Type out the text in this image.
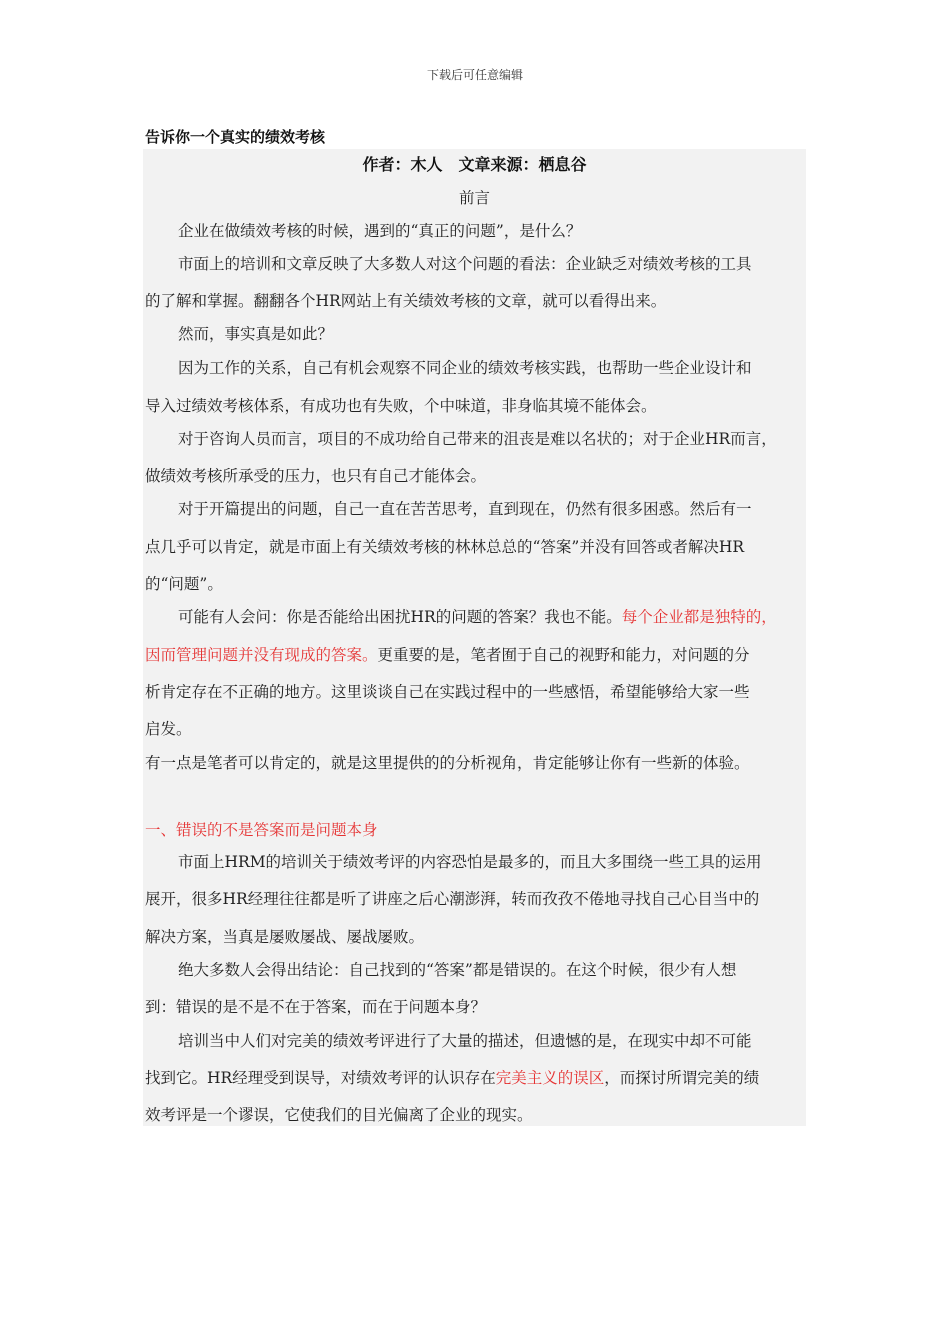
下载后可任意编辑
告诉你一个真实的绩效考核
作者：木人　文章来源：栖息谷
前言
企业在做绩效考核的时候，遇到的“真正的问题”，是什么？
市面上的培训和文章反映了大多数人对这个问题的看法：企业缺乏对绩效考核的工具
的了解和掌握。翻翻各个HR网站上有关绩效考核的文章，就可以看得出来。
然而，事实真是如此？
因为工作的关系，自己有机会观察不同企业的绩效考核实践，也帮助一些企业设计和
导入过绩效考核体系，有成功也有失败，个中味道，非身临其境不能体会。
对于咨询人员而言，项目的不成功给自己带来的沮丧是难以名状的；对于企业HR而言，
做绩效考核所承受的压力，也只有自己才能体会。
对于开篇提出的问题，自己一直在苦苦思考，直到现在，仍然有很多困惑。然后有一
点几乎可以肯定，就是市面上有关绩效考核的林林总总的“答案”并没有回答或者解决HR
的“问题”。
可能有人会问：你是否能给出困扰HR的问题的答案？我也不能。每个企业都是独特的，
因而管理问题并没有现成的答案。更重要的是，笔者囿于自己的视野和能力，对问题的分
析肯定存在不正确的地方。这里谈谈自己在实践过程中的一些感悟，希望能够给大家一些
启发。
有一点是笔者可以肯定的，就是这里提供的的分析视角，肯定能够让你有一些新的体验。
一、错误的不是答案而是问题本身
市面上HRM的培训关于绩效考评的内容恐怕是最多的，而且大多围绕一些工具的运用
展开，很多HR经理往往都是听了讲座之后心潮澎湃，转而孜孜不倦地寻找自己心目当中的
解决方案，当真是屡败屡战、屡战屡败。
绝大多数人会得出结论：自己找到的“答案”都是错误的。在这个时候，很少有人想
到：错误的是不是不在于答案，而在于问题本身？
培训当中人们对完美的绩效考评进行了大量的描述，但遗憾的是，在现实中却不可能
找到它。HR经理受到误导，对绩效考评的认识存在完美主义的误区，而探讨所谓完美的绩
效考评是一个谬误，它使我们的目光偏离了企业的现实。
